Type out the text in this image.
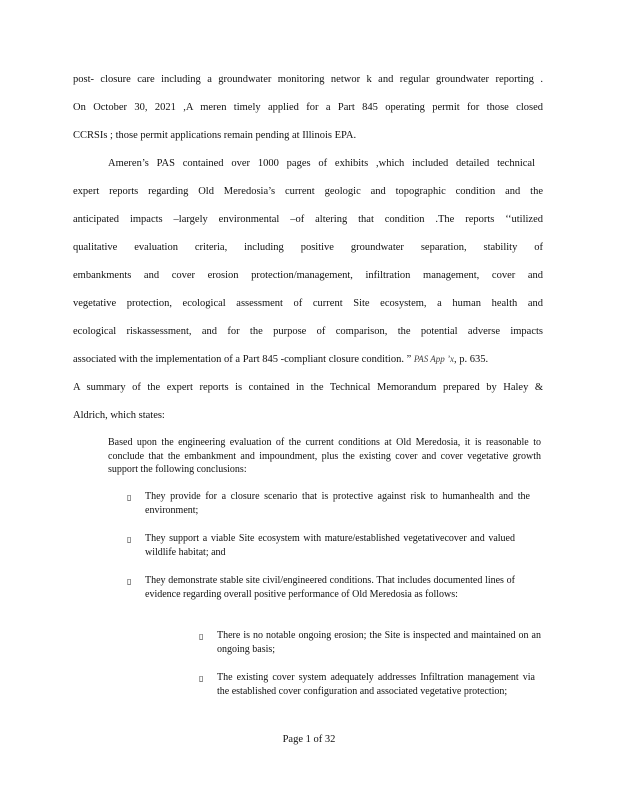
post- closure care including a groundwater monitoring networ k and regular groundwater reporting .
On October 30, 2021 ,A meren timely applied for a Part 845 operating permit for those closed
CCRSIs ; those permit applications remain pending at Illinois EPA.
Ameren’s PAS contained over 1000 pages of exhibits ,which included detailed technical
expert reports regarding Old Meredosia’s current geologic and topographic condition and the
anticipated impacts –largely environmental –of altering that condition .The reports ‘‘utilized
qualitative evaluation criteria, including positive groundwater separation, stability of
embankments and cover erosion protection/management, infiltration management, cover and
vegetative protection, ecological assessment of current Site ecosystem, a human health and
ecological riskassessment, and for the purpose of comparison, the potential adverse impacts
associated with the implementation of a Part 845 -compliant closure condition. ” PAS App ’x, p. 635.
A summary of the expert reports is contained in the Technical Memorandum prepared by Haley &
Aldrich, which states:
Based upon the engineering evaluation of the current conditions at Old Meredosia, it is reasonable to conclude that the embankment and impoundment, plus the existing cover and cover vegetative growth support the following conclusions:
▯ They provide for a closure scenario that is protective against risk to humanhealth and the environment;
▯ They support a viable Site ecosystem with mature/established vegetativecover and valued wildlife habitat; and
▯ They demonstrate stable site civil/engineered conditions. That includes documented lines of evidence regarding overall positive performance of Old Meredosia as follows:
▯ There is no notable ongoing erosion; the Site is inspected and maintained on an ongoing basis;
▯ The existing cover system adequately addresses Infiltration management via the established cover configuration and associated vegetative protection;
Page 1 of 32
